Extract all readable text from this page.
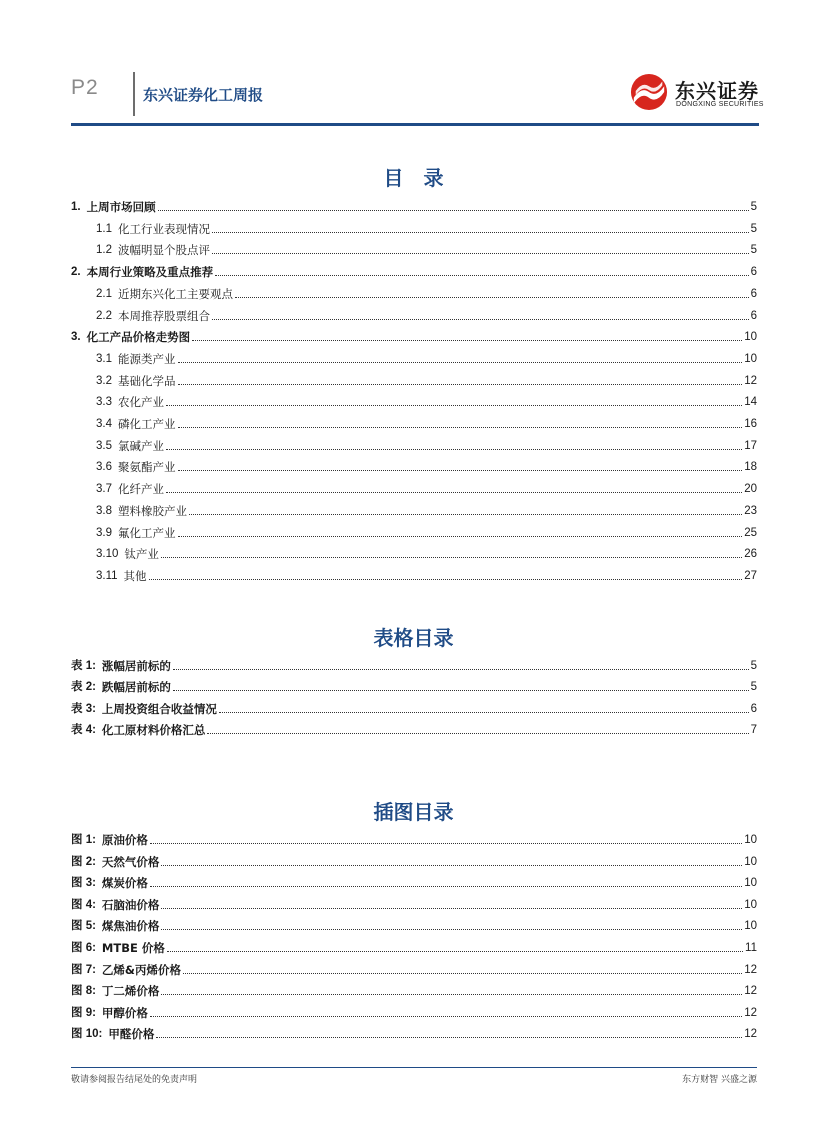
P2	东兴证券化工周报	东兴证券
DONGXING SECURITIES
目　录
1. 上周市场回顾	5
1.1 化工行业表现情况	5
1.2 波幅明显个股点评	5
2. 本周行业策略及重点推荐	6
2.1 近期东兴化工主要观点	6
2.2 本周推荐股票组合	6
3. 化工产品价格走势图	10
3.1 能源类产业	10
3.2 基础化学品	12
3.3 农化产业	14
3.4 磷化工产业	16
3.5 氯碱产业	17
3.6 聚氨酯产业	18
3.7 化纤产业	20
3.8 塑料橡胶产业	23
3.9 氟化工产业	25
3.10 钛产业	26
3.11 其他	27
表格目录
表 1: 涨幅居前标的	5
表 2: 跌幅居前标的	5
表 3: 上周投资组合收益情况	6
表 4: 化工原材料价格汇总	7
插图目录
图 1: 原油价格	10
图 2: 天然气价格	10
图 3: 煤炭价格	10
图 4: 石脑油价格	10
图 5: 煤焦油价格	10
图 6: MTBE 价格	11
图 7: 乙烯&丙烯价格	12
图 8: 丁二烯价格	12
图 9: 甲醇价格	12
图 10: 甲醛价格	12
敬请参阅报告结尾处的免责声明	东方财智 兴盛之源
